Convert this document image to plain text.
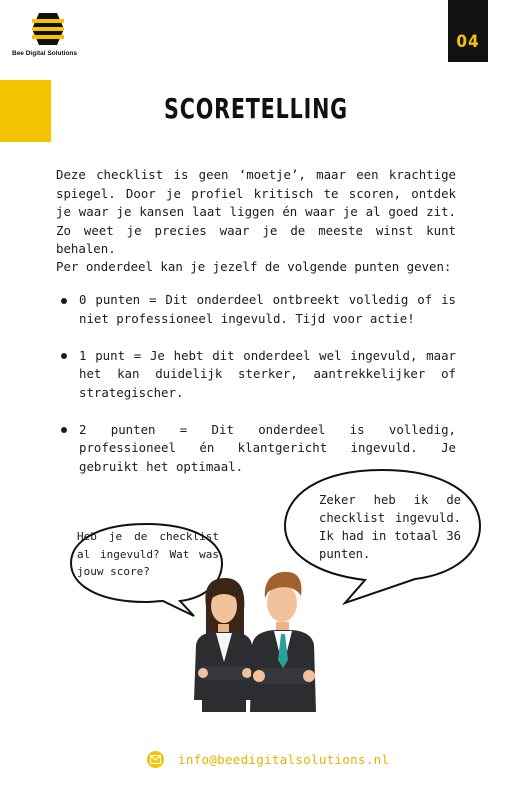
Bee Digital Solutions
04
SCORETELLING

Deze checklist is geen ‘moetje’, maar een krachtige spiegel. Door je profiel kritisch te scoren, ontdek je waar je kansen laat liggen én waar je al goed zit. Zo weet je precies waar je de meeste winst kunt behalen.

Per onderdeel kan je jezelf de volgende punten geven:

0 punten = Dit onderdeel ontbreekt volledig of is niet professioneel ingevuld. Tijd voor actie!
1 punt = Je hebt dit onderdeel wel ingevuld, maar het kan duidelijk sterker, aantrekkelijker of strategischer.
2 punten = Dit onderdeel is volledig, professioneel én klantgericht ingevuld. Je gebruikt het optimaal.

Heb je de checklist al ingevuld? Wat was jouw score?

Zeker heb ik de checklist ingevuld. Ik had in totaal 36 punten.

info@beedigitalsolutions.nl
